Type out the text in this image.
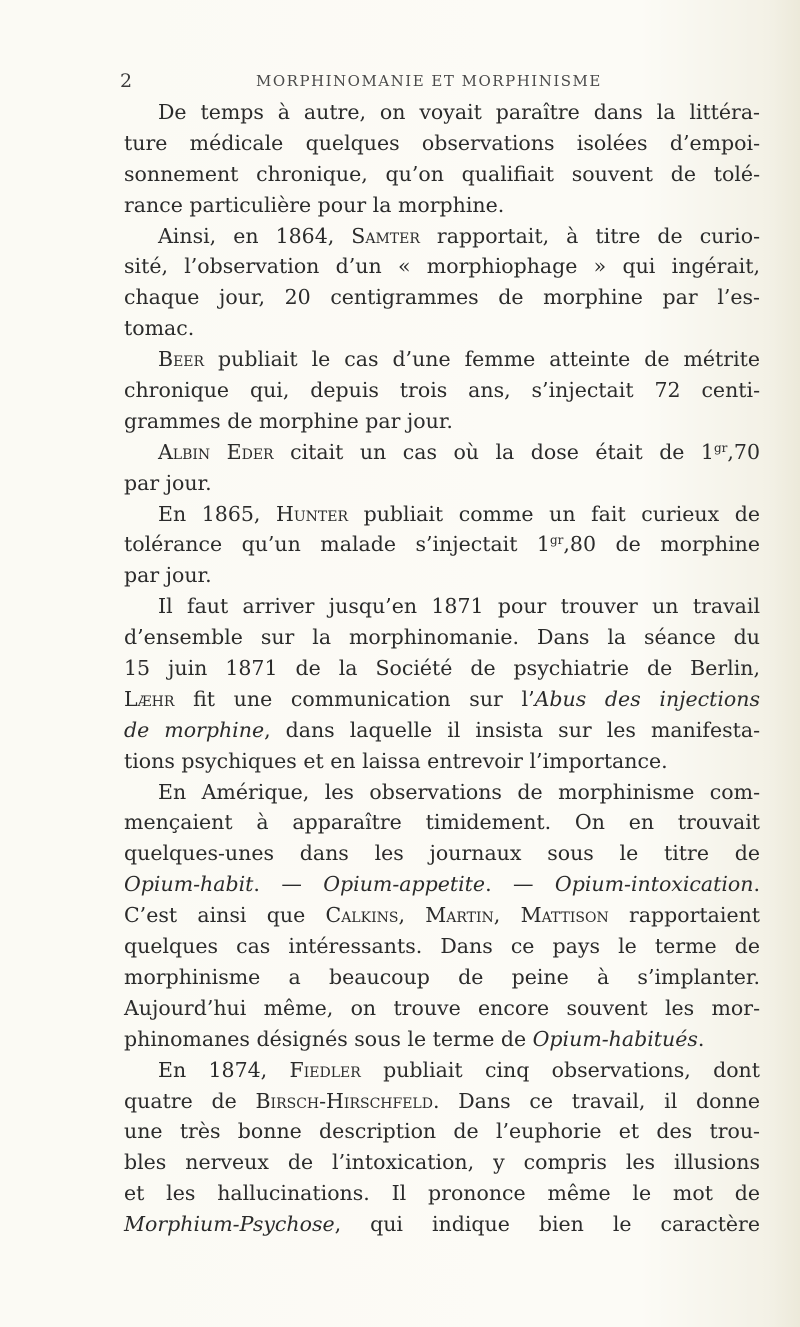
2	MORPHINOMANIE ET MORPHINISME
De temps à autre, on voyait paraître dans la littéra-
ture médicale quelques observations isolées d’empoi-
sonnement chronique, qu’on qualifiait souvent de tolé-
rance particulière pour la morphine.
Ainsi, en 1864, Samter rapportait, à titre de curio-
sité, l’observation d’un « morphiophage » qui ingérait,
chaque jour, 20 centigrammes de morphine par l’es-
tomac.
Beer publiait le cas d’une femme atteinte de métrite
chronique qui, depuis trois ans, s’injectait 72 centi-
grammes de morphine par jour.
Albin Eder citait un cas où la dose était de $1^{gr},70$
par jour.
En 1865, Hunter publiait comme un fait curieux de
tolérance qu’un malade s’injectait $1^{gr},80$ de morphine
par jour.
Il faut arriver jusqu’en 1871 pour trouver un travail
d’ensemble sur la morphinomanie. Dans la séance du
15 juin 1871 de la Société de psychiatrie de Berlin,
Læhr fit une communication sur l’Abus des injections
de morphine, dans laquelle il insista sur les manifesta-
tions psychiques et en laissa entrevoir l’importance.
En Amérique, les observations de morphinisme com-
mençaient à apparaître timidement. On en trouvait
quelques-unes dans les journaux sous le titre de
Opium-habit. — Opium-appetite. — Opium-intoxication.
C’est ainsi que Calkins, Martin, Mattison rapportaient
quelques cas intéressants. Dans ce pays le terme de
morphinisme a beaucoup de peine à s’implanter.
Aujourd’hui même, on trouve encore souvent les mor-
phinomanes désignés sous le terme de Opium-habitués.
En 1874, Fiedler publiait cinq observations, dont
quatre de Birsch-Hirschfeld. Dans ce travail, il donne
une très bonne description de l’euphorie et des trou-
bles nerveux de l’intoxication, y compris les illusions
et les hallucinations. Il prononce même le mot de
Morphium-Psychose, qui indique bien le caractère
